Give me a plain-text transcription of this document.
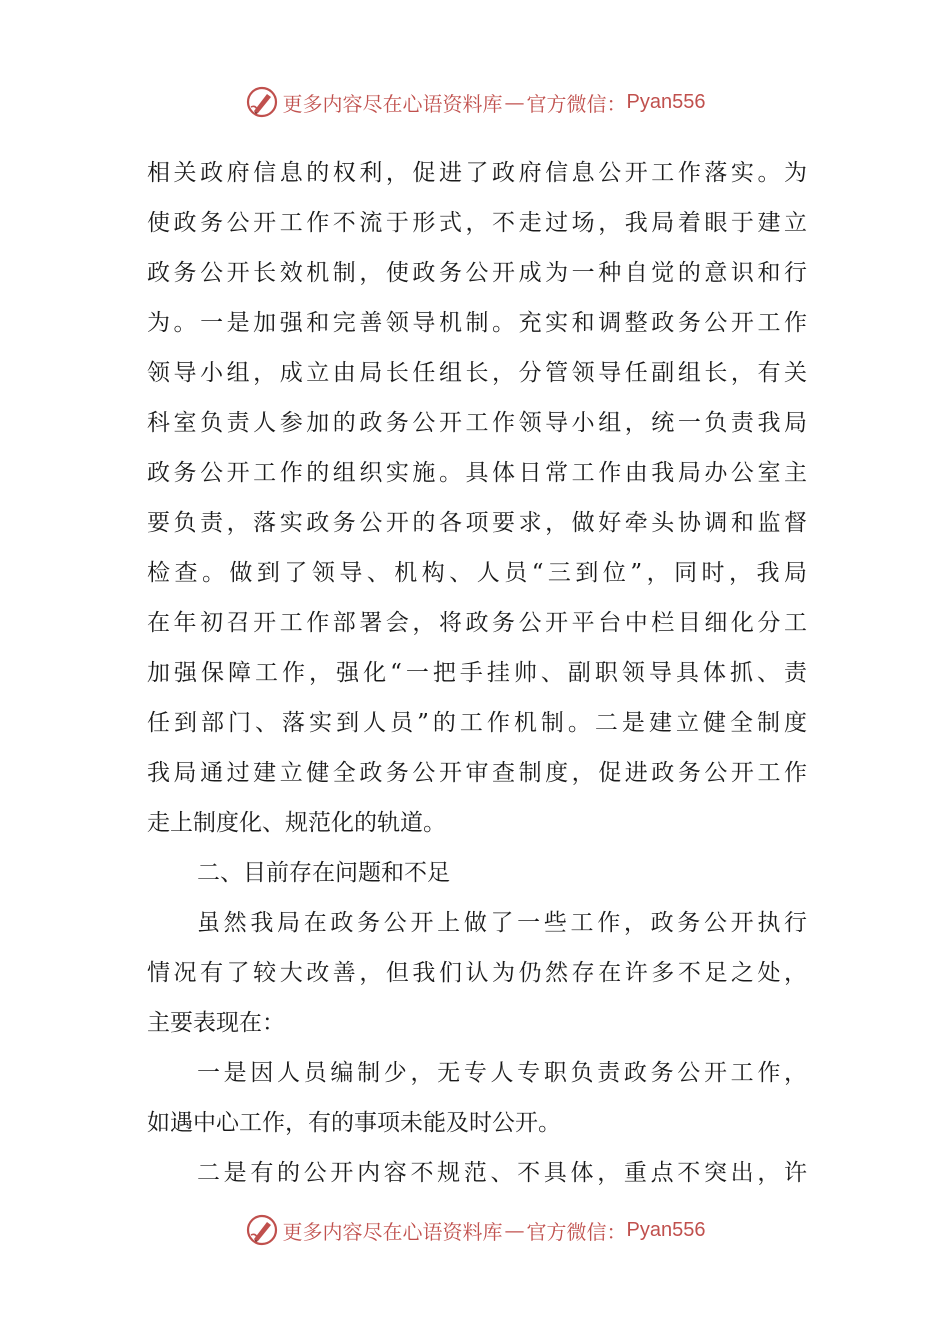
更多内容尽在心语资料库 — 官方微信： Pyan556
相关政府信息的权利，促进了政府信息公开工作落实。为
使政务公开工作不流于形式，不走过场，我局着眼于建立
政务公开长效机制，使政务公开成为一种自觉的意识和行
为。一是加强和完善领导机制。充实和调整政务公开工作
领导小组，成立由局长任组长，分管领导任副组长，有关
科室负责人参加的政务公开工作领导小组，统一负责我局
政务公开工作的组织实施。具体日常工作由我局办公室主
要负责，落实政务公开的各项要求，做好牵头协调和监督
检查。做到了领导、机构、人员“三到位”，同时，我局
在年初召开工作部署会，将政务公开平台中栏目细化分工
加强保障工作，强化“一把手挂帅、副职领导具体抓、责
任到部门、落实到人员”的工作机制。二是建立健全制度
我局通过建立健全政务公开审查制度，促进政务公开工作
走上制度化、规范化的轨道。
二、目前存在问题和不足
虽然我局在政务公开上做了一些工作，政务公开执行
情况有了较大改善，但我们认为仍然存在许多不足之处，
主要表现在：
一是因人员编制少，无专人专职负责政务公开工作，
如遇中心工作，有的事项未能及时公开。
二是有的公开内容不规范、不具体，重点不突出，许
更多内容尽在心语资料库 — 官方微信： Pyan556
